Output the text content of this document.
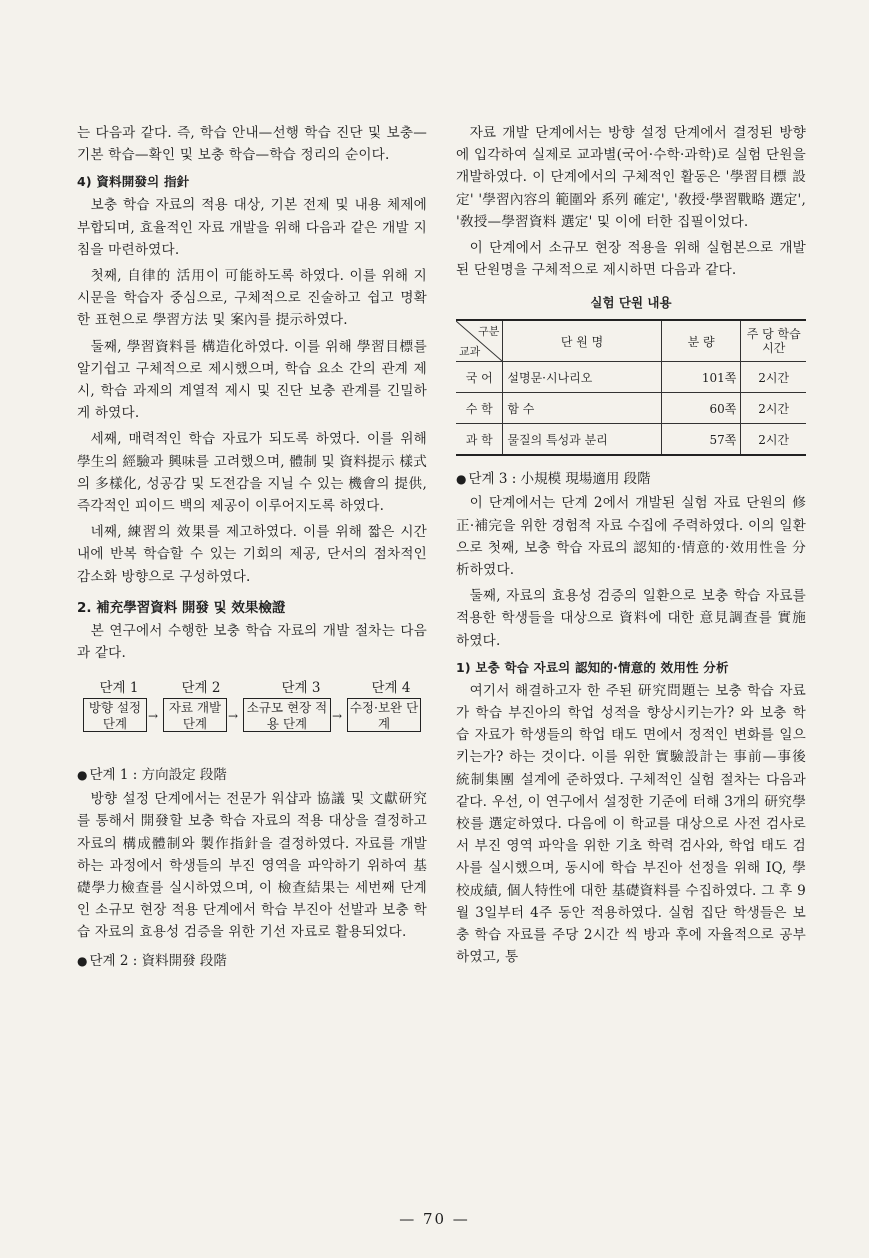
는 다음과 같다. 즉, 학습 안내—선행 학습 진단 및 보충—기본 학습—확인 및 보충 학습—학습 정리의 순이다.

4) 資料開發의 指針

보충 학습 자료의 적용 대상, 기본 전제 및 내용 체제에 부합되며, 효율적인 자료 개발을 위해 다음과 같은 개발 지침을 마련하였다.

첫째, 自律的 活用이 可能하도록 하였다. 이를 위해 지시문을 학습자 중심으로, 구체적으로 진술하고 쉽고 명확한 표현으로 學習方法 및 案內를 提示하였다.

둘째, 學習資料를 構造化하였다. 이를 위해 學習目標를 알기쉽고 구체적으로 제시했으며, 학습 요소 간의 관계 제시, 학습 과제의 계열적 제시 및 진단 보충 관계를 긴밀하게 하였다.

세째, 매력적인 학습 자료가 되도록 하였다. 이를 위해 學生의 經驗과 興味를 고려했으며, 體制 및 資料提示 樣式의 多樣化, 성공감 및 도전감을 지닐 수 있는 機會의 提供, 즉각적인 피이드 백의 제공이 이루어지도록 하였다.

네째, 練習의 效果를 제고하였다. 이를 위해 짧은 시간 내에 반복 학습할 수 있는 기회의 제공, 단서의 점차적인 감소화 방향으로 구성하였다.

2. 補充學習資料 開發 및 效果檢證

본 연구에서 수행한 보충 학습 자료의 개발 절차는 다음과 같다.

단계 1	단계 2	단계 3	단계 4
방향 설정 단계	→
자료 개발 단계	→
소규모 현장 적용 단계	→
수정·보완 단계
● 단계 1 : 方向設定 段階

방향 설정 단계에서는 전문가 워샵과 協議 및 文獻研究를 통해서 開發할 보충 학습 자료의 적용 대상을 결정하고 자료의 構成體制와 製作指針을 결정하였다. 자료를 개발하는 과정에서 학생들의 부진 영역을 파악하기 위하여 基礎學力檢查를 실시하였으며, 이 檢查結果는 세번째 단계인 소규모 현장 적용 단계에서 학습 부진아 선발과 보충 학습 자료의 효용성 검증을 위한 기선 자료로 활용되었다.

● 단계 2 : 資料開發 段階

자료 개발 단계에서는 방향 설정 단계에서 결정된 방향에 입각하여 실제로 교과별(국어·수학·과학)로 실험 단원을 개발하였다. 이 단계에서의 구체적인 활동은 '學習目標 設定' '學習內容의 範圍와 系列 確定', '敎授·學習戰略 選定', '敎授—學習資料 選定' 및 이에 터한 집필이었다.

이 단계에서 소규모 현장 적용을 위해 실험본으로 개발된 단원명을 구체적으로 제시하면 다음과 같다.

실험 단원 내용
구분
교과	단 원 명	분 량	주 당 학습시간
국 어	설명문·시나리오	101쪽	2시간
수 학	함 수	60쪽	2시간
과 학	물질의 특성과 분리	57쪽	2시간
● 단계 3 : 小規模 現場適用 段階

이 단계에서는 단계 2에서 개발된 실험 자료 단원의 修正·補完을 위한 경험적 자료 수집에 주력하였다. 이의 일환으로 첫째, 보충 학습 자료의 認知的·情意的·效用性을 分析하였다.

둘째, 자료의 효용성 검증의 일환으로 보충 학습 자료를 적용한 학생들을 대상으로 資料에 대한 意見調查를 實施하였다.

1) 보충 학습 자료의 認知的·情意的 效用性 分析

여기서 해결하고자 한 주된 研究問題는 보충 학습 자료가 학습 부진아의 학업 성적을 향상시키는가? 와 보충 학습 자료가 학생들의 학업 태도 면에서 정적인 변화를 일으키는가? 하는 것이다. 이를 위한 實驗設計는 事前—事後 統制集團 설계에 준하였다. 구체적인 실험 절차는 다음과 같다. 우선, 이 연구에서 설정한 기준에 터해 3개의 研究學校를 選定하였다. 다음에 이 학교를 대상으로 사전 검사로서 부진 영역 파악을 위한 기초 학력 검사와, 학업 태도 검사를 실시했으며, 동시에 학습 부진아 선정을 위해 IQ, 學校成績, 個人特性에 대한 基礎資料를 수집하였다. 그 후 9월 3일부터 4주 동안 적용하였다. 실험 집단 학생들은 보충 학습 자료를 주당 2시간 씩 방과 후에 자율적으로 공부하였고, 통

— 70 —
